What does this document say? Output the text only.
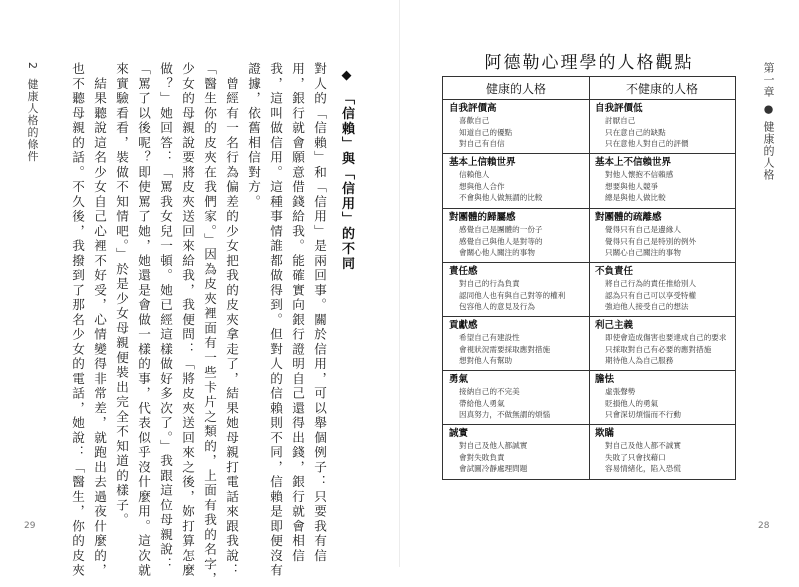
2 健康人格的條件
29
◆ 「信賴」與「信用」的不同
對人的「信賴」和「信用」是兩回事。關於信用，可以舉個例子：只要我有信
用，銀行就會願意借錢給我。能確實向銀行證明自己還得出錢，銀行就會相信
我，這叫做信用。這種事情誰都做得到。但對人的信賴則不同，信賴是即便沒有
證據，依舊相信對方。
　曾經有一名行為偏差的少女把我的皮夾拿走了，結果她母親打電話來跟我說：
「醫生你的皮夾在我們家。」因為皮夾裡面有一些卡片之類的，上面有我的名字，
少女的母親說要將皮夾送回來給我，我便問：「將皮夾送回來之後，妳打算怎麼
做？」她回答：「罵我女兒一頓。她已經這樣做好多次了。」我跟這位母親說：
「罵了以後呢？即使罵了她，她還是會做一樣的事，代表似乎沒什麼用。這次就
來實驗看看，裝做不知情吧。」於是少女母親便裝出完全不知道的樣子。
　結果聽說這名少女自己心裡不好受，心情變得非常差，就跑出去過夜什麼的，
也不聽母親的話。不久後，我撥到了那名少女的電話，她說：「醫生，你的皮夾	第一章 ● 健康的人格
28
阿德勒心理學的人格觀點
健康的人格	不健康的人格
自我評價高
喜歡自己
知道自己的優點
對自己有自信
自我評價低
討厭自己
只在意自己的缺點
只在意他人對自己的評價
基本上信賴世界
信賴他人
想與他人合作
不會與他人做無謂的比較
基本上不信賴世界
對他人懷抱不信賴感
想要與他人競爭
總是與他人做比較
對團體的歸屬感
感覺自己是團體的一份子
感覺自己與他人是對等的
會關心他人關注的事物
對團體的疏離感
覺得只有自己是邊緣人
覺得只有自己是特別的例外
只關心自己關注的事物
責任感
對自己的行為負責
認同他人也有與自己對等的權利
包容他人的意見及行為
不負責任
將自己行為的責任推給別人
認為只有自己可以享受特權
強迫他人接受自己的想法
貢獻感
希望自己有建設性
會視狀況需要採取應對措施
想對他人有幫助
利己主義
即使會造成傷害也要達成自己的要求
只採取對自己有必要的應對措施
期待他人為自己服務
勇氣
接納自己的不完美
帶給他人勇氣
因真努力，不做無謂的煩惱
膽怯
虛張聲勢
貶損他人的勇氣
只會深切煩惱而不行動
誠實
對自己及他人都誠實
會對失敗負責
會試圖冷靜處理問題
欺瞞
對自己及他人都不誠實
失敗了只會找藉口
容易情緒化，陷入恐慌
